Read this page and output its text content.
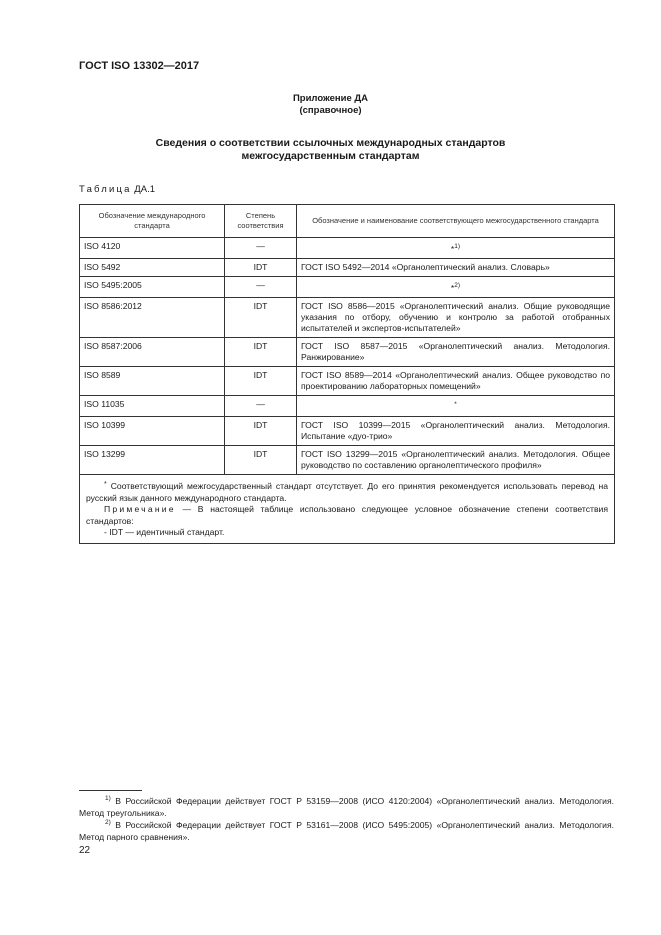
ГОСТ ISO 13302—2017
Приложение ДА
(справочное)
Сведения о соответствии ссылочных международных стандартов
межгосударственным стандартам
Таблица ДА.1
Обозначение международного стандарта	Степень соответствия	Обозначение и наименование соответствующего межгосударственного стандарта
ISO 4120	—	*$^{1)}$
ISO 5492	IDT	ГОСТ ISO 5492—2014 «Органолептический анализ. Словарь»
ISO 5495:2005	—	*$^{2)}$
ISO 8586:2012	IDT	ГОСТ ISO 8586—2015 «Органолептический анализ. Общие руководящие указания по отбору, обучению и контролю за работой отобранных испытателей и экспертов-испытателей»
ISO 8587:2006	IDT	ГОСТ ISO 8587—2015 «Органолептический анализ. Методология. Ранжирование»
ISO 8589	IDT	ГОСТ ISO 8589—2014 «Органолептический анализ. Общее руководство по проектированию лабораторных помещений»
ISO 11035	—	*
ISO 10399	IDT	ГОСТ ISO 10399—2015 «Органолептический анализ. Методология. Испытание «дуо-трио»
ISO 13299	IDT	ГОСТ ISO 13299—2015 «Органолептический анализ. Методология. Общее руководство по составлению органолептического профиля»

* Соответствующий межгосударственный стандарт отсутствует. До его принятия рекомендуется использовать перевод на русский язык данного международного стандарта.
Примечание — В настоящей таблице использовано следующее условное обозначение степени соответствия стандартов:
- IDT — идентичный стандарт.		
$^{1)}$ В Российской Федерации действует ГОСТ Р 53159—2008 (ИСО 4120:2004) «Органолептический анализ. Методология. Метод треугольника».
$^{2)}$ В Российской Федерации действует ГОСТ Р 53161—2008 (ИСО 5495:2005) «Органолептический анализ. Методология. Метод парного сравнения».
22
